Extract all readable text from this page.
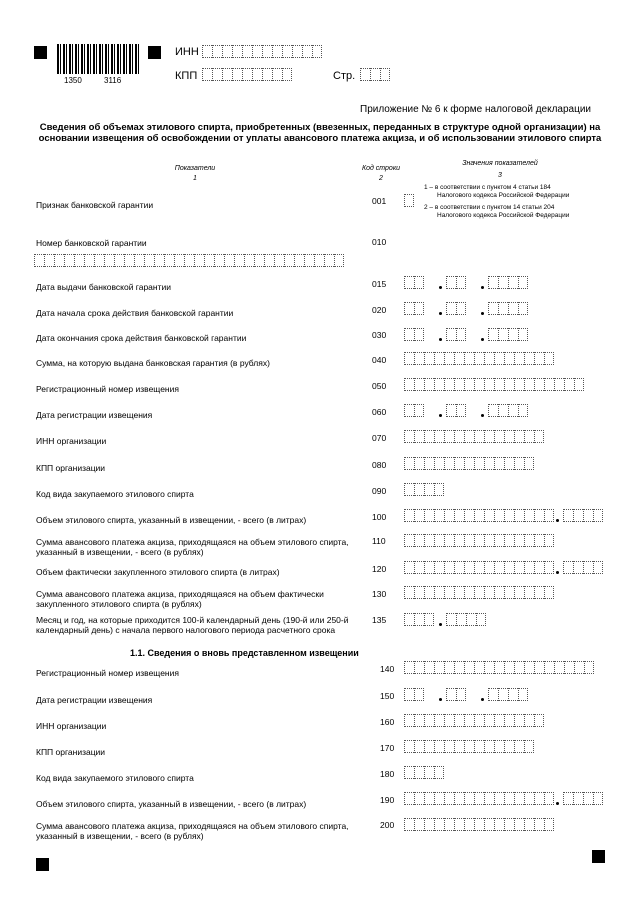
1350	3116
ИНН
КПП	Стр.
Приложение № 6 к форме налоговой декларации
Сведения об объемах этилового спирта, приобретенных (ввезенных, переданных в структуре одной организации) на основании извещения об освобождении от уплаты авансового платежа акциза, и об использовании этилового спирта
Показатели
1
Код строки
2
Значения показателей
3
Признак банковской гарантии	001
1 – в соответствии с пунктом 4 статьи 184
Налогового кодекса Российской Федерации
2 – в соответствии с пунктом 14 статьи 204
Налогового кодекса Российской Федерации
Номер банковской гарантии	010
Дата выдачи банковской гарантии	015
Дата начала срока действия банковской гарантии	020
Дата окончания срока действия банковской гарантии	030
Сумма, на которую выдана банковская гарантия (в рублях)	040
Регистрационный номер извещения	050
Дата регистрации извещения	060
ИНН организации	070
КПП организации	080
Код вида закупаемого этилового спирта	090
Объем этилового спирта, указанный в извещении, - всего (в литрах)	100
Сумма авансового платежа акциза, приходящаяся на объем этилового спирта, указанный в извещении, - всего (в рублях)
110
Объем фактически закупленного этилового спирта (в литрах)	120
Сумма авансового платежа акциза, приходящаяся на объем фактически закупленного этилового спирта (в рублях)
130
Месяц и год, на которые приходится 100-й календарный день (190-й или 250-й календарный день) с начала первого налогового периода расчетного срока
135
1.1. Сведения о вновь представленном извещении
Регистрационный номер извещения	140
Дата регистрации извещения	150
ИНН организации	160
КПП организации	170
Код вида закупаемого этилового спирта	180
Объем этилового спирта, указанный в извещении, - всего (в литрах)	190
Сумма авансового платежа акциза, приходящаяся на объем этилового спирта, указанный в извещении, - всего (в рублях)
200
